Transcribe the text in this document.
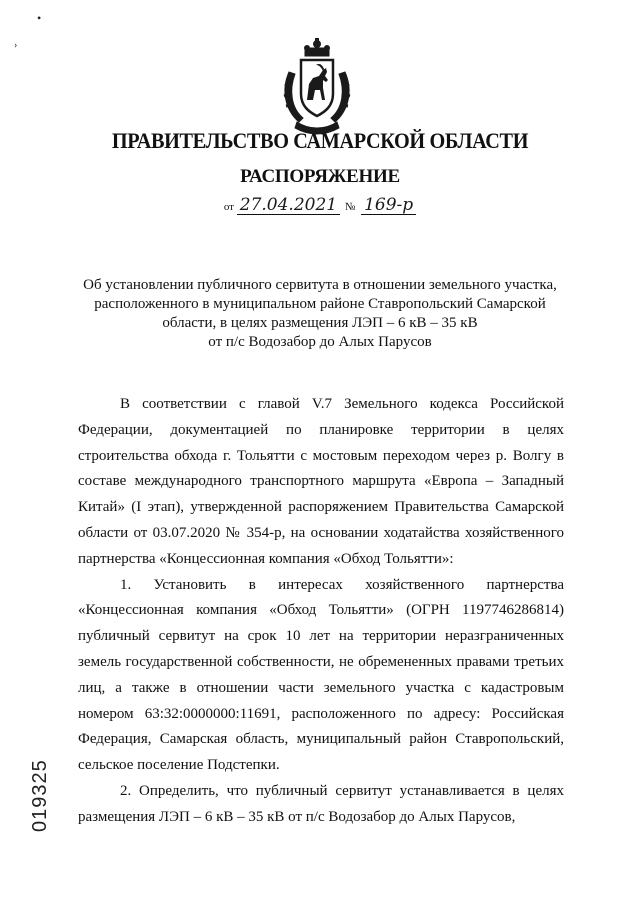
•
›
ПРАВИТЕЛЬСТВО САМАРСКОЙ ОБЛАСТИ
РАСПОРЯЖЕНИЕ
от 27.04.2021 № 169-р
Об установлении публичного сервитута в отношении земельного участка,
расположенного в муниципальном районе Ставропольский Самарской
области, в целях размещения ЛЭП – 6 кВ – 35 кВ
от п/с Водозабор до Алых Парусов

В соответствии с главой V.7 Земельного кодекса Российской Федерации, документацией по планировке территории в целях строительства обхода г. Тольятти с мостовым переходом через р. Волгу в составе международного транспортного маршрута «Европа – Западный Китай» (I этап), утвержденной распоряжением Правительства Самарской области от 03.07.2020 № 354-р, на основании ходатайства хозяйственного партнерства «Концессионная компания «Обход Тольятти»:

1. Установить в интересах хозяйственного партнерства «Концессионная компания «Обход Тольятти» (ОГРН 1197746286814) публичный сервитут на срок 10 лет на территории неразграниченных земель государственной собственности, не обремененных правами третьих лиц, а также в отношении части земельного участка с кадастровым номером 63:32:0000000:11691, расположенного по адресу: Российская Федерация, Самарская область, муниципальный район Ставропольский, сельское поселение Подстепки.

2. Определить, что публичный сервитут устанавливается в целях размещения ЛЭП – 6 кВ – 35 кВ от п/с Водозабор до Алых Парусов,

019325
